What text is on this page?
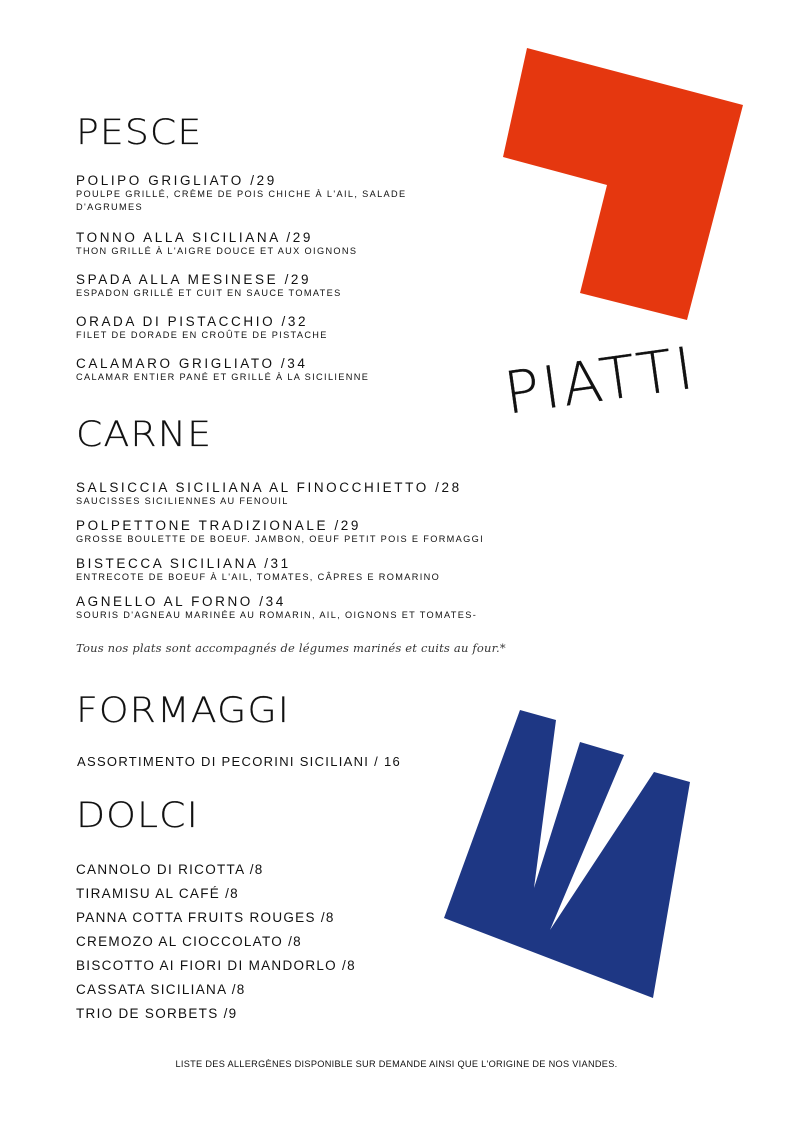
PIATTI
PESCE
POLIPO GRIGLIATO /29
POULPE GRILLÉ, CRÈME DE POIS CHICHE À L'AIL, SALADE D'AGRUMES
TONNO ALLA SICILIANA /29
THON GRILLÉ À L'AIGRE DOUCE ET AUX OIGNONS
SPADA ALLA MESINESE /29
ESPADON GRILLÉ ET CUIT EN SAUCE TOMATES
ORADA DI PISTACCHIO /32
FILET DE DORADE EN CROÛTE DE PISTACHE
CALAMARO GRIGLIATO /34
CALAMAR ENTIER PANÉ ET GRILLÉ À LA SICILIENNE
CARNE
SALSICCIA SICILIANA AL FINOCCHIETTO /28
SAUCISSES SICILIENNES AU FENOUIL
POLPETTONE TRADIZIONALE /29
GROSSE BOULETTE DE BOEUF. JAMBON, OEUF PETIT POIS E FORMAGGI
BISTECCA SICILIANA /31
ENTRECOTE DE BOEUF À L'AIL, TOMATES, CÂPRES E ROMARINO
AGNELLO AL FORNO /34
SOURIS D'AGNEAU MARINÉE AU ROMARIN, AIL, OIGNONS ET TOMATES-
Tous nos plats sont accompagnés de légumes marinés et cuits au four.*
FORMAGGI
ASSORTIMENTO DI PECORINI SICILIANI / 16
DOLCI
CANNOLO DI RICOTTA /8
TIRAMISU AL CAFÉ /8
PANNA COTTA FRUITS ROUGES /8
CREMOZO AL CIOCCOLATO /8
BISCOTTO AI FIORI DI MANDORLO /8
CASSATA SICILIANA /8
TRIO DE SORBETS /9
LISTE DES ALLERGÈNES DISPONIBLE SUR DEMANDE AINSI QUE L'ORIGINE DE NOS VIANDES.
